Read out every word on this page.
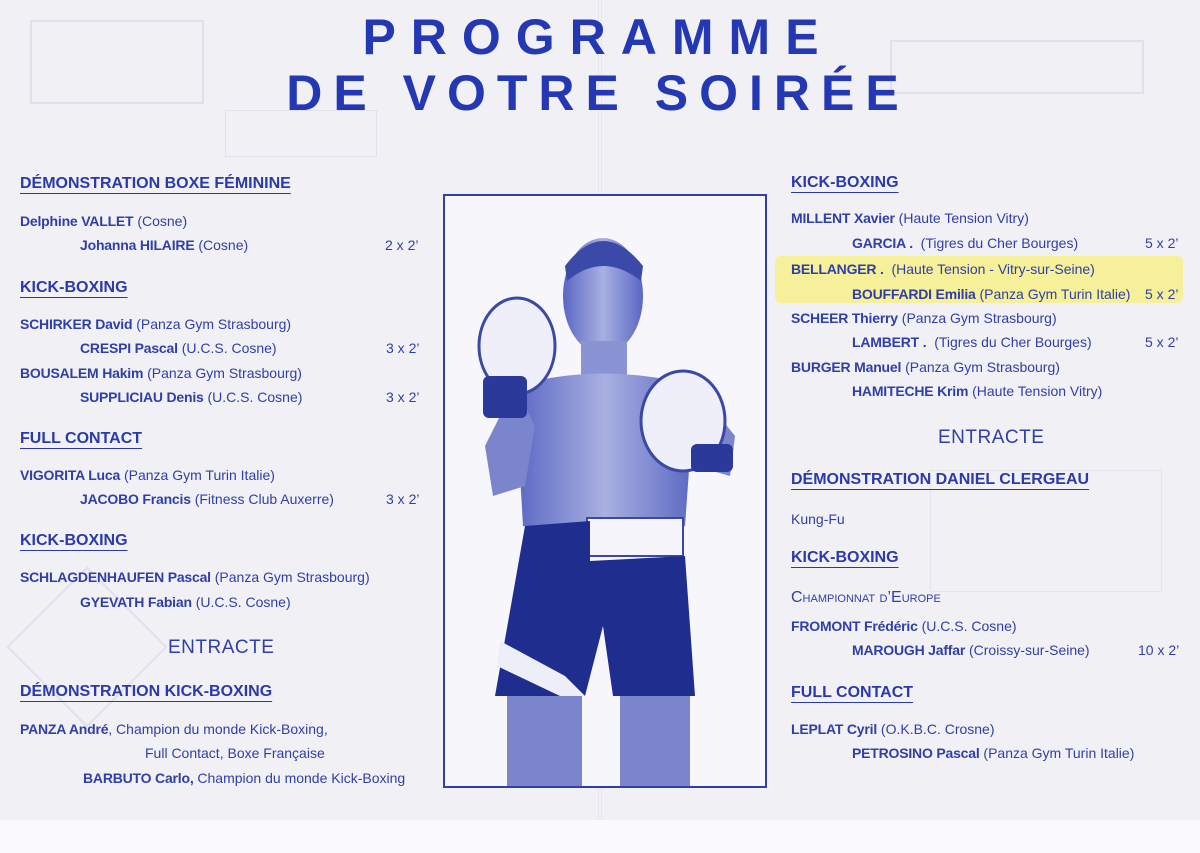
PROGRAMME
DE VOTRE SOIRÉE
DÉMONSTRATION BOXE FÉMININE
Delphine VALLET (Cosne)
Johanna HILAIRE (Cosne)	2 x 2’
KICK-BOXING
SCHIRKER David (Panza Gym Strasbourg)
CRESPI Pascal (U.C.S. Cosne)	3 x 2’
BOUSALEM Hakim (Panza Gym Strasbourg)
SUPPLICIAU Denis (U.C.S. Cosne)	3 x 2’
FULL CONTACT
VIGORITA Luca (Panza Gym Turin Italie)
JACOBO Francis (Fitness Club Auxerre)	3 x 2’
KICK-BOXING
SCHLAGDENHAUFEN Pascal (Panza Gym Strasbourg)
GYEVATH Fabian (U.C.S. Cosne)
ENTRACTE
DÉMONSTRATION KICK-BOXING
PANZA André, Champion du monde Kick-Boxing,
Full Contact, Boxe Française
BARBUTO Carlo, Champion du monde Kick-Boxing
KICK-BOXING
MILLENT Xavier (Haute Tension Vitry)
GARCIA . (Tigres du Cher Bourges)	5 x 2’
BELLANGER . (Haute Tension - Vitry-sur-Seine)
BOUFFARDI Emilia (Panza Gym Turin Italie) 5 x 2’
SCHEER Thierry (Panza Gym Strasbourg)
LAMBERT . (Tigres du Cher Bourges)	5 x 2’
BURGER Manuel (Panza Gym Strasbourg)
HAMITECHE Krim (Haute Tension Vitry)
ENTRACTE
DÉMONSTRATION DANIEL CLERGEAU
Kung-Fu
KICK-BOXING
Championnat d’Europe
FROMONT Frédéric (U.C.S. Cosne)
MAROUGH Jaffar (Croissy-sur-Seine)	10 x 2’
FULL CONTACT
LEPLAT Cyril (O.K.B.C. Crosne)
PETROSINO Pascal (Panza Gym Turin Italie)
